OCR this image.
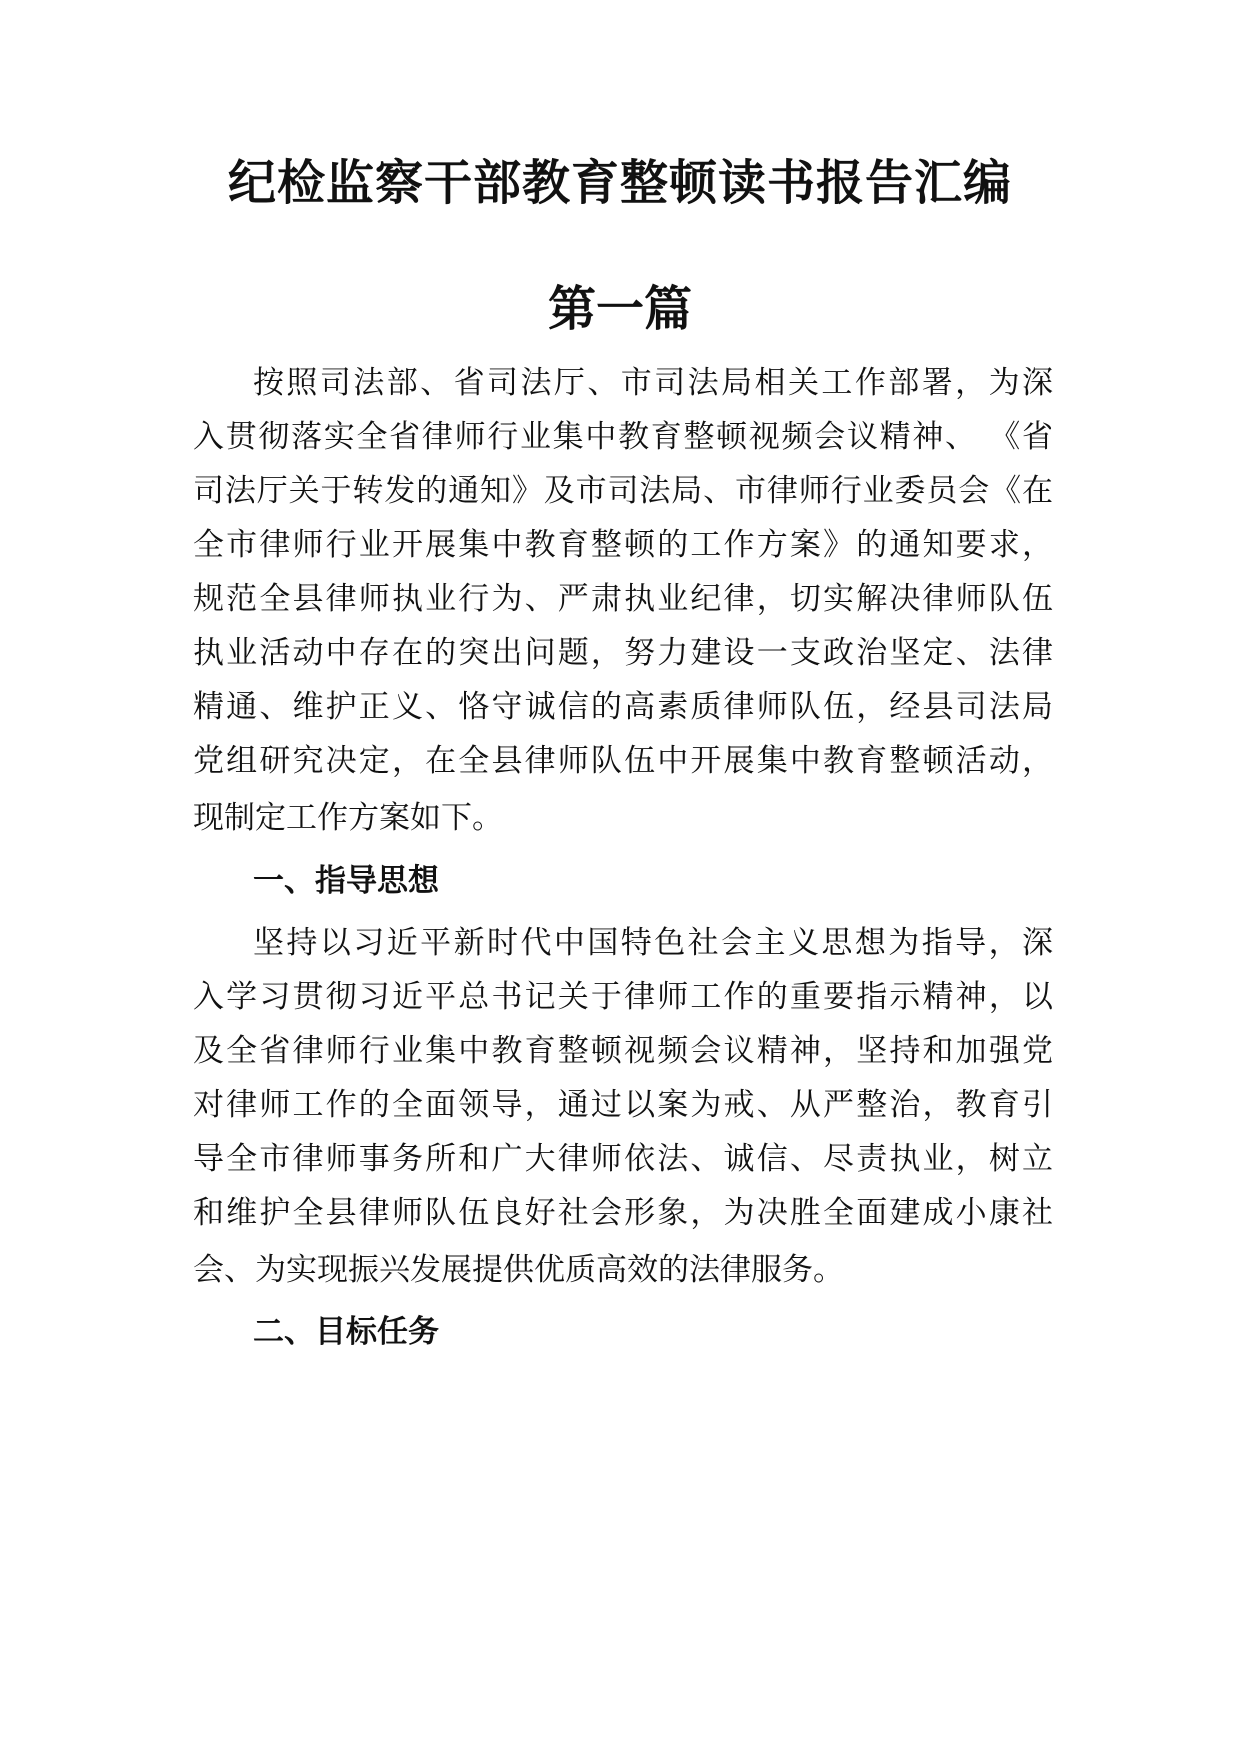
纪检监察干部教育整顿读书报告汇编
第一篇

按照司法部、省司法厅、市司法局相关工作部署，为深

入贯彻落实全省律师行业集中教育整顿视频会议精神、 《省

司法厅关于转发的通知》及市司法局、市律师行业委员会《在

全市律师行业开展集中教育整顿的工作方案》的通知要求，

规范全县律师执业行为、严肃执业纪律，切实解决律师队伍

执业活动中存在的突出问题，努力建设一支政治坚定、法律

精通、维护正义、恪守诚信的高素质律师队伍，经县司法局

党组研究决定，在全县律师队伍中开展集中教育整顿活动，

现制定工作方案如下。

一、指导思想

坚持以习近平新时代中国特色社会主义思想为指导，深

入学习贯彻习近平总书记关于律师工作的重要指示精神，以

及全省律师行业集中教育整顿视频会议精神，坚持和加强党

对律师工作的全面领导，通过以案为戒、从严整治，教育引

导全市律师事务所和广大律师依法、诚信、尽责执业，树立

和维护全县律师队伍良好社会形象，为决胜全面建成小康社

会、为实现振兴发展提供优质高效的法律服务。

二、目标任务
